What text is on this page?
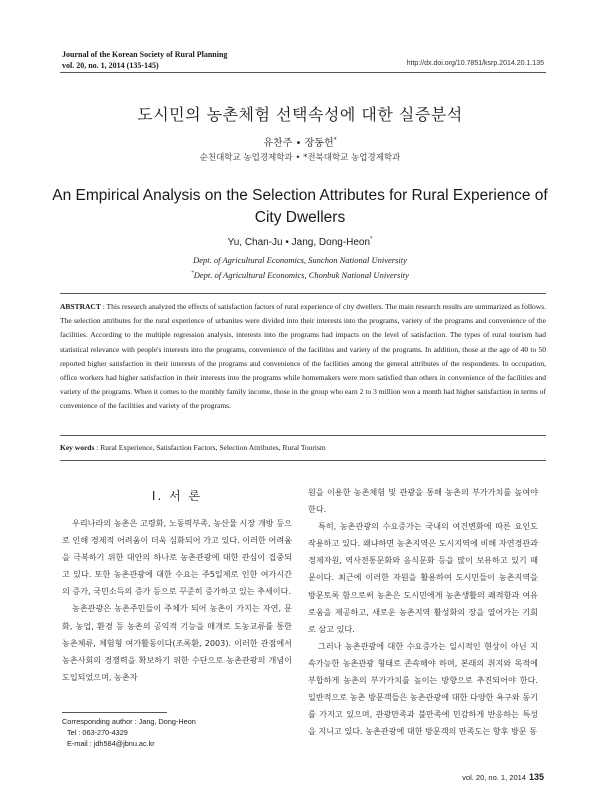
Journal of the Korean Society of Rural Planning
vol. 20, no. 1, 2014 (135-145)	http://dx.doi.org/10.7851/ksrp.2014.20.1.135
도시민의 농촌체험 선택속성에 대한 실증분석
유찬주 • 장동헌*
순천대학교 농업경제학과 • *전북대학교 농업경제학과
An Empirical Analysis on the Selection Attributes for Rural Experience of City Dwellers
Yu, Chan-Ju • Jang, Dong-Heon*
Dept. of Agricultural Economics, Sunchon National University
*Dept. of Agricultural Economics, Chonbuk National University
ABSTRACT : This research analyzed the effects of satisfaction factors of rural experience of city dwellers. The main research results are summarized as follows. The selection attributes for the rural experience of urbanites were divided into their interests into the programs, variety of the programs and convenience of the facilities. According to the multiple regression analysis, interests into the programs had impacts on the level of satisfaction. The types of rural tourism had statistical relevance with people's interests into the programs, convenience of the facilities and variety of the programs. In addition, those at the age of 40 to 50 reported higher satisfaction in their interests of the programs and convenience of the facilities among the general attributes of the respondents. In occupation, office workers had higher satisfaction in their interests into the programs while homemakers were more satisfied than others in convenience of the facilities and variety of the programs. When it comes to the monthly family income, those in the group who earn 2 to 3 million won a month had higher satisfaction in terms of convenience of the facilities and variety of the programs.
Key words : Rural Experience, Satisfaction Factors, Selection Attributes, Rural Tourism
Ⅰ. 서 론

우리나라의 농촌은 고령화, 노동력부족, 농산물 시장 개방 등으로 인해 경제적 어려움이 더욱 심화되어 가고 있다. 이러한 어려움을 극복하기 위한 대안의 하나로 농촌관광에 대한 관심이 집중되고 있다. 또한 농촌관광에 대한 수요는 주5일제로 인한 여가시간의 증가, 국민소득의 증가 등으로 꾸준히 증가하고 있는 추세이다.

농촌관광은 농촌주민들이 주체가 되어 농촌이 가지는 자연, 문화, 농업, 환경 등 농촌의 공익적 기능을 매개로 도농교류를 통한 농촌체류, 체험형 여가활동이다(조록환, 2003). 이러한 관점에서 농촌사회의 경쟁력을 확보하기 위한 수단으로 농촌관광의 개념이 도입되었으며, 농촌자

원을 이용한 농촌체험 및 관광을 통해 농촌의 부가가치를 높여야 한다.

특히, 농촌관광의 수요증가는 국내의 여건변화에 따른 요인도 작용하고 있다. 왜냐하면 농촌지역은 도시지역에 비해 자연경관과 경제자원, 역사전통문화와 음식문화 등을 많이 보유하고 있기 때문이다. 최근에 이러한 자원을 활용하여 도시민들이 농촌지역을 방문토록 함으로써 농촌은 도시민에게 농촌생활의 쾌적함과 여유로움을 제공하고, 새로운 농촌지역 활성화의 장을 열어가는 기회로 삼고 있다.

그러나 농촌관광에 대한 수요증가는 일시적인 현상이 아닌 지속가능한 농촌관광 형태로 존속해야 하며, 본래의 취지와 목적에 부합하게 농촌의 부가가치를 높이는 방향으로 추진되어야 한다. 일반적으로 농촌 방문객들은 농촌관광에 대한 다양한 욕구와 동기를 가지고 있으며, 관광만족과 불만족에 민감하게 반응하는 특성을 지니고 있다. 농촌관광에 대한 방문객의 만족도는 향후 방문 동

Corresponding author : Jang, Dong-Heon
Tel : 063-270-4329
E-mail : jdh584@jbnu.ac.kr
vol. 20, no. 1, 2014 135
